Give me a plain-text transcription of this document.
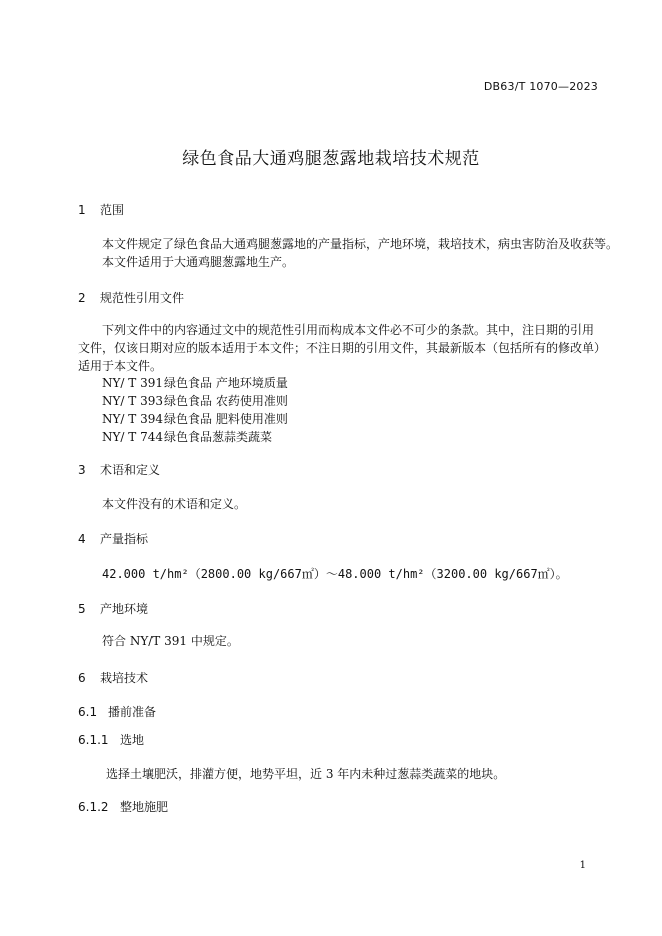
DB63/T 1070—2023
绿色食品大通鸡腿葱露地栽培技术规范
1 范围
本文件规定了绿色食品大通鸡腿葱露地的产量指标，产地环境，栽培技术，病虫害防治及收获等。
本文件适用于大通鸡腿葱露地生产。
2 规范性引用文件
下列文件中的内容通过文中的规范性引用而构成本文件必不可少的条款。其中，注日期的引用文件，仅该日期对应的版本适用于本文件；不注日期的引用文件，其最新版本（包括所有的修改单）适用于本文件。
NY/ T 391绿色食品 产地环境质量
NY/ T 393绿色食品 农药使用准则
NY/ T 394绿色食品 肥料使用准则
NY/ T 744绿色食品葱蒜类蔬菜
3 术语和定义
本文件没有的术语和定义。
4 产量指标
42.000 t/hm²（2800.00 kg/667㎡）～48.000 t/hm²（3200.00 kg/667㎡）。
5 产地环境
符合 NY/T 391 中规定。
6 栽培技术
6.1 播前准备
6.1.1 选地
选择土壤肥沃，排灌方便，地势平坦，近 3 年内未种过葱蒜类蔬菜的地块。
6.1.2 整地施肥
1
